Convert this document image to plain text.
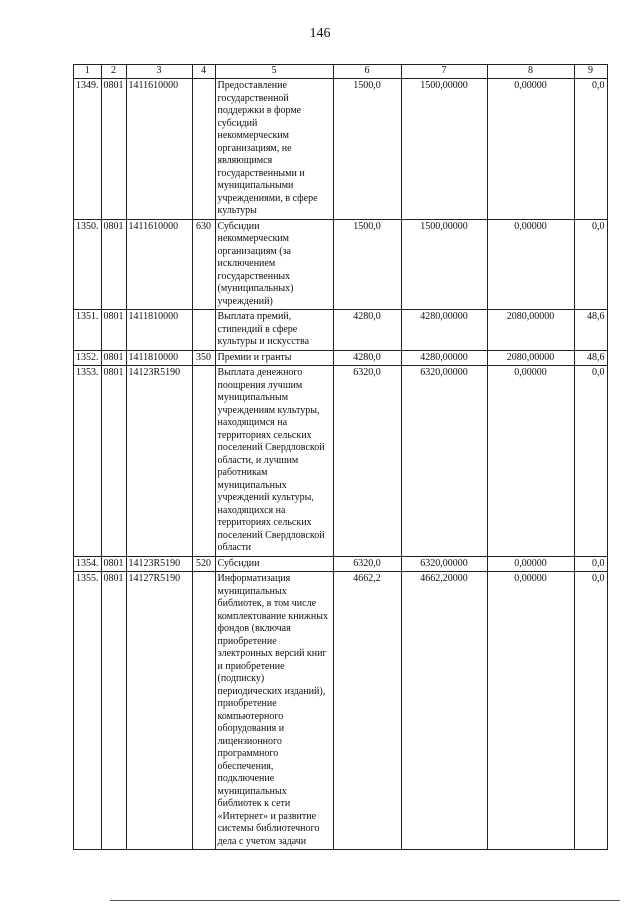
146
1	2	3	4	5	6	7	8	9
1349.	0801	1411610000		Предоставление государственной поддержки в форме субсидий некоммерческим организациям, не являющимся государственными и муниципальными учреждениями, в сфере культуры	1500,0	1500,00000	0,00000	0,0
1350.	0801	1411610000	630	Субсидии некоммерческим организациям (за исключением государственных (муниципальных) учреждений)	1500,0	1500,00000	0,00000	0,0
1351.	0801	1411810000		Выплата премий, стипендий в сфере культуры и искусства	4280,0	4280,00000	2080,00000	48,6
1352.	0801	1411810000	350	Премии и гранты	4280,0	4280,00000	2080,00000	48,6
1353.	0801	14123R5190		Выплата денежного поощрения лучшим муниципальным учреждениям культуры, находящимся на территориях сельских поселений Свердловской области, и лучшим работникам муниципальных учреждений культуры, находящихся на территориях сельских поселений Свердловской области	6320,0	6320,00000	0,00000	0,0
1354.	0801	14123R5190	520	Субсидии	6320,0	6320,00000	0,00000	0,0
1355.	0801	14127R5190		Информатизация муниципальных библиотек, в том числе комплектование книжных фондов (включая приобретение электронных версий книг и приобретение (подписку) периодических изданий), приобретение компьютерного оборудования и лицензионного программного обеспечения, подключение муниципальных библиотек к сети «Интернет» и развитие системы библиотечного дела с учетом задачи	4662,2	4662,20000	0,00000	0,0
